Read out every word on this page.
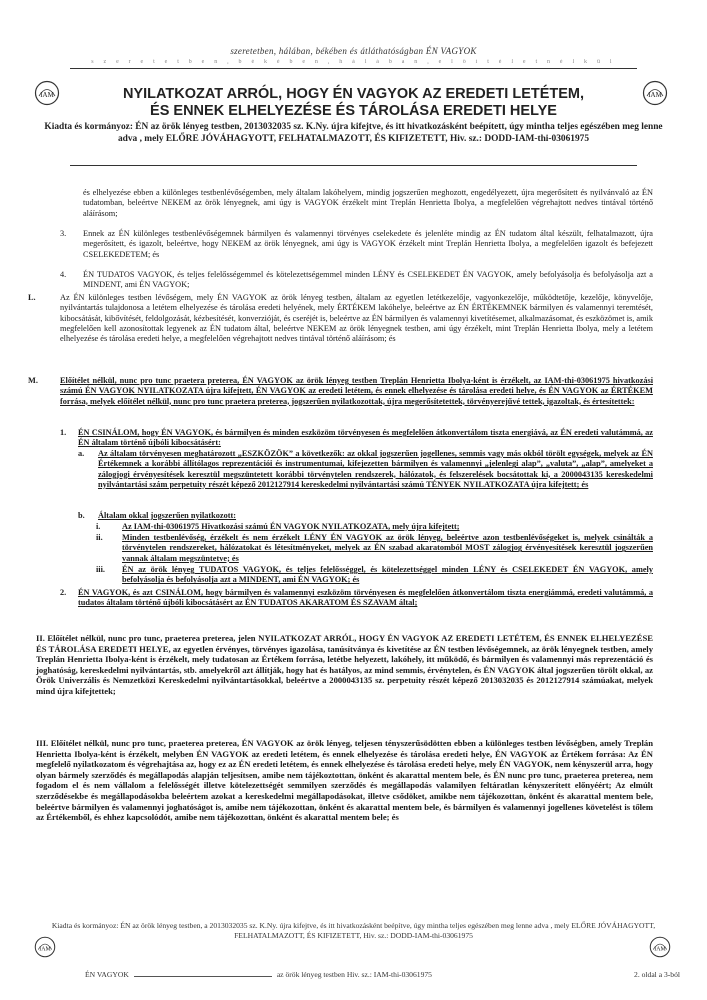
szeretetben, hálában, békében és átláthatóságban ÉN VAGYOK
s z e r e t e t b e n , b é k é b e n , h á l á b a n , e l ő í t é l e t n é l k ü l
IAM	IAM
NYILATKOZAT ARRÓL, HOGY ÉN VAGYOK AZ EREDETI LETÉTEM,
ÉS ENNEK ELHELYEZÉSE ÉS TÁROLÁSA EREDETI HELYE
Kiadta és kormányoz: ÉN az örök lényeg testben, 2013032035 sz. K.Ny. újra kifejtve, és itt hivatkozásként beépített, úgy mintha teljes egészében meg lenne adva , mely ELŐRE JÓVÁHAGYOTT, FELHATALMAZOTT, ÉS KIFIZETETT, Hiv. sz.: DODD-IAM-thi-03061975
és elhelyezése ebben a különleges testbenlévőségemben, mely általam lakóhelyem, mindig jogszerűen meghozott, engedélyezett, újra megerősített és nyilvánvaló az ÉN tudatomban, beleértve NEKEM az örök lényegnek, ami úgy is VAGYOK érzékelt mint Treplán Henrietta Ibolya, a megfelelően végrehajtott nedves tintával történő aláírásom;
3. Ennek az ÉN különleges testbenlévőségemnek bármilyen és valamennyi törvényes cselekedete és jelenléte mindig az ÉN tudatom által készült, felhatalmazott, újra megerősített, és igazolt, beleértve, hogy NEKEM az örök lényegnek, ami úgy is VAGYOK érzékelt mint Treplán Henrietta Ibolya, a megfelelően igazolt és befejezett CSELEKEDETEM; és
4. ÉN TUDATOS VAGYOK, és teljes felelősségemmel és kötelezettségemmel minden LÉNY és CSELEKEDET ÉN VAGYOK, amely befolyásolja és befolyásolja azt a MINDENT, ami ÉN VAGYOK;
L.	Az ÉN különleges testben lévőségem, mely ÉN VAGYOK az örök lényeg testben, általam az egyetlen letétkezelője, vagyonkezelője, működtetője, kezelője, könyvelője, nyilvántartás tulajdonosa a letétem elhelyezése és tárolása eredeti helyének, mely ÉRTÉKEM lakóhelye, beleértve az ÉN ÉRTÉKEMNEK bármilyen és valamennyi teremtését, kibocsátását, kibővítését, feldolgozását, kézbesítését, konverzióját, és cseréjét is, beleértve az ÉN bármilyen és valamennyi kivetítésemet, alkalmazásomat, és eszközömet is, amik megfelelően kell azonosítottak legyenek az ÉN tudatom által, beleértve NEKEM az örök lényegnek testben, ami úgy érzékelt, mint Treplán Henrietta Ibolya, mely a letétem elhelyezése és tárolása eredeti helye, a megfelelően végrehajtott nedves tintával történő aláírásom; és
M.	Előítélet nélkül, nunc pro tunc praetera preterea, ÉN VAGYOK az örök lényeg testben Treplán Henrietta Ibolya-ként is érzékelt, az IAM-thi-03061975 hivatkozási számú ÉN VAGYOK NYILATKOZATA újra kifejtett, ÉN VAGYOK az eredeti letétem, és ennek elhelyezése és tárolása eredeti helye, és ÉN VAGYOK az ÉRTÉKEM forrása, melyek előítélet nélkül, nunc pro tunc praetera preterea, jogszerűen nyilatkozottak, újra megerősítetettek, törvényerejűvé tettek, igazoltak, és értesítettek:
1. ÉN CSINÁLOM, hogy ÉN VAGYOK, és bármilyen és minden eszközöm törvényesen és megfelelően átkonvertálom tiszta energiává, az ÉN eredeti valutámmá, az ÉN általam történő újbóli kibocsátásért:
a. Az általam törvényesen meghatározott „ESZKÖZÖK” a következők: az okkal jogszerűen jogellenes, semmis vagy más okból törölt egységek, melyek az ÉN Értékemnek a korábbi állítólagos reprezentációi és instrumentumai, kifejezetten bármilyen és valamennyi „jelenlegi alap”, „valuta”, „alap”, amelyeket a zálogjogi érvényesítések keresztül megszüntetett korábbi törvénytelen rendszerek, hálózatok, és felszerelések bocsátottak ki, a 2000043135 kereskedelmi nyilvántartási szám perpetuity részét képező 2012127914 kereskedelmi nyilvántartási számú TÉNYEK NYILATKOZATA újra kifejtett; és
b. Általam okkal jogszerűen nyilatkozott:
i.	Az IAM-thi-03061975 Hivatkozási számú ÉN VAGYOK NYILATKOZATA, mely újra kifejtett;
ii. Minden testbenlévőség, érzékelt és nem érzékelt LÉNY ÉN VAGYOK az örök lényeg, beleértve azon testbenlévőségeket is, melyek csinálták a törvénytelen rendszereket, hálózatokat és létesítményeket, melyek az ÉN szabad akaratomból MOST zálogjog érvényesítések keresztül jogszerűen vannak általam megszüntetve; és
iii. ÉN az örök lényeg TUDATOS VAGYOK, és teljes felelősséggel, és kötelezettséggel minden LÉNY és CSELEKEDET ÉN VAGYOK, amely befolyásolja és befolyásolja azt a MINDENT, ami ÉN VAGYOK; és
2. ÉN VAGYOK, és azt CSINÁLOM, hogy bármilyen és valamennyi eszközöm törvényesen és megfelelően átkonvertálom tiszta energiámmá, eredeti valutámmá, a tudatos általam történő újbóli kibocsátásért az ÉN TUDATOS AKARATOM ÉS SZAVAM által;
II. Előítélet nélkül, nunc pro tunc, praeterea preterea, jelen NYILATKOZAT ARRÓL, HOGY ÉN VAGYOK AZ EREDETI LETÉTEM, ÉS ENNEK ELHELYEZÉSE ÉS TÁROLÁSA EREDETI HELYE, az egyetlen érvényes, törvényes igazolása, tanúsítványa és kivetítése az ÉN testben lévőségemnek, az örök lényegnek testben, amely Treplán Henrietta Ibolya-ként is érzékelt, mely tudatosan az Értékem forrása, letétbe helyezett, lakóhely, itt működő, és bármilyen és valamennyi más reprezentáció és joghatóság, kereskedelmi nyilvántartás, stb. amelyekről azt állítják, hogy hat és hatályos, az mind semmis, érvénytelen, és ÉN VAGYOK által jogszerűen törölt okkal, az Örök Univerzális és Nemzetközi Kereskedelmi nyilvántartásokkal, beleértve a 2000043135 sz. perpetuity részét képező 2013032035 és 2012127914 számúakat, melyek mind újra kifejtettek;
III. Előítélet nélkül, nunc pro tunc, praeterea preterea, ÉN VAGYOK az örök lényeg, teljesen tényszerűsödötten ebben a különleges testben lévőségben, amely Treplán Henrietta Ibolya-ként is érzékelt, melyben ÉN VAGYOK az eredeti letétem, és ennek elhelyezése és tárolása eredeti helye, ÉN VAGYOK az Értékem forrása: Az ÉN megfelelő nyilatkozatom és végrehajtása az, hogy ez az ÉN eredeti letétem, és ennek elhelyezése és tárolása eredeti helye, mely ÉN VAGYOK, nem kényszerül arra, hogy olyan bármely szerződés és megállapodás alapján teljesítsen, amibe nem tájékoztottan, önként és akarattal mentem bele, és ÉN nunc pro tunc, praeterea preterea, nem fogadom el és nem vállalom a felelősségét illetve kötelezettségét semmilyen szerződés és megállapodás valamilyen feltáratlan kényszerített előnyéért; Az elmúlt szerződésekbe és megállapodásokba beleértem azokat a kereskedelmi megállapodásokat, illetve csődöket, amikbe nem tájékozottan, önként és akarattal mentem bele, beleértve bármilyen és valamennyi joghatóságot is, amibe nem tájékozottan, önként és akarattal mentem bele, és bármilyen és valamennyi jogellenes követelést is tőlem az Értékemből, és ehhez kapcsolódót, amibe nem tájékozottan, önként és akarattal mentem bele; és
Kiadta és kormányoz: ÉN az örök lényeg testben, a 2013032035 sz. K.Ny. újra kifejtve, és itt hivatkozásként beépítve, úgy mintha teljes egészében meg lenne adva , mely ELŐRE JÓVÁHAGYOTT, FELHATALMAZOTT, ÉS KIFIZETETT, Hiv. sz.: DODD-IAM-thi-03061975
IAM	IAM
ÉN VAGYOK	az örök lényeg testben Hiv. sz.: IAM-thi-03061975	2. oldal a 3-ból
